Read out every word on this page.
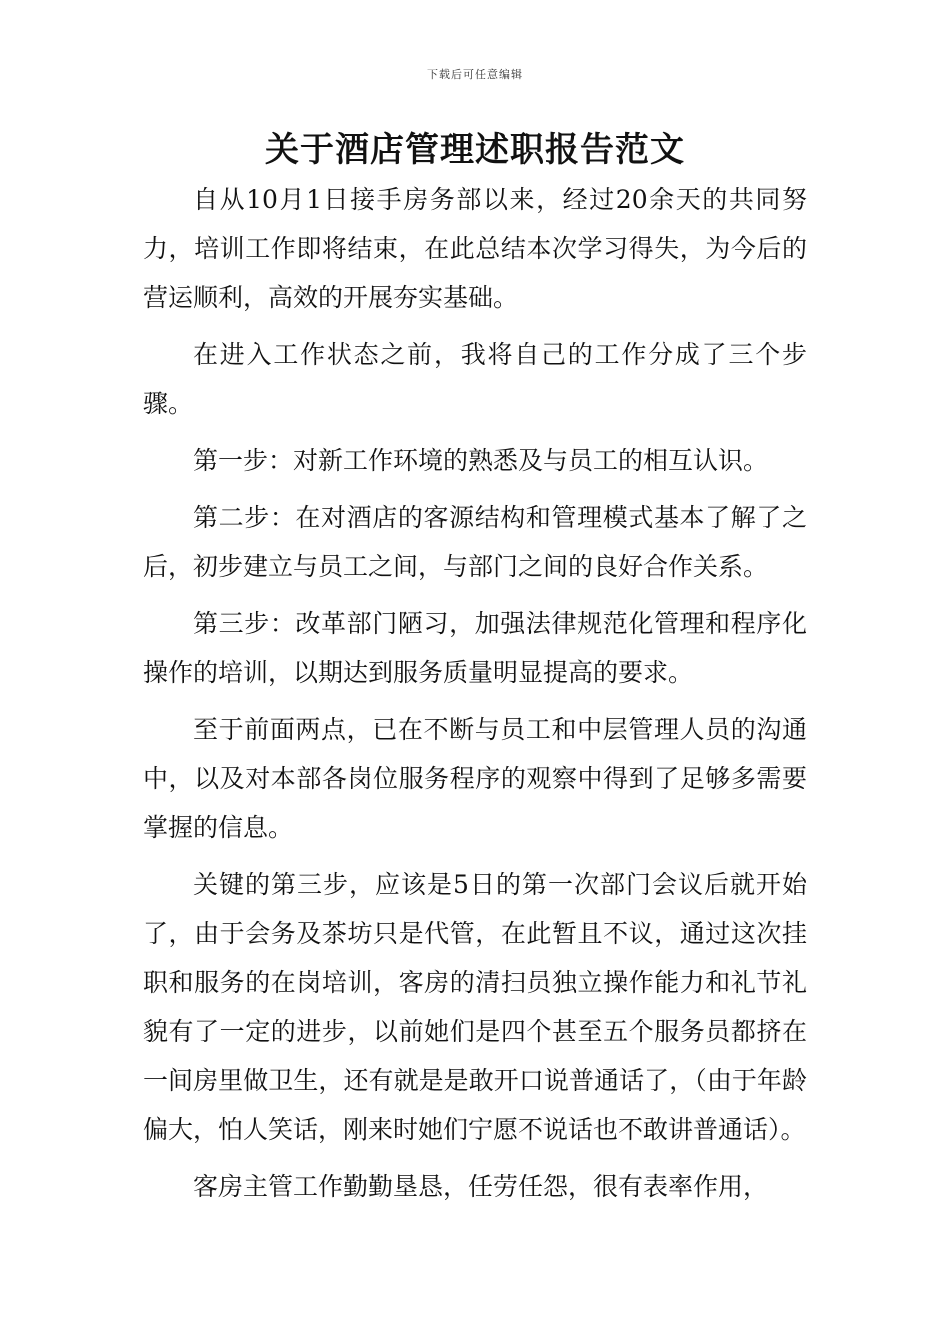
下载后可任意编辑
关于酒店管理述职报告范文

自从10月1日接手房务部以来，经过20余天的共同努力，培训工作即将结束，在此总结本次学习得失，为今后的营运顺利，高效的开展夯实基础。

在进入工作状态之前，我将自己的工作分成了三个步骤。

第一步：对新工作环境的熟悉及与员工的相互认识。

第二步：在对酒店的客源结构和管理模式基本了解了之后，初步建立与员工之间，与部门之间的良好合作关系。

第三步：改革部门陋习，加强法律规范化管理和程序化操作的培训，以期达到服务质量明显提高的要求。

至于前面两点，已在不断与员工和中层管理人员的沟通中，以及对本部各岗位服务程序的观察中得到了足够多需要掌握的信息。

关键的第三步，应该是5日的第一次部门会议后就开始了，由于会务及茶坊只是代管，在此暂且不议，通过这次挂职和服务的在岗培训，客房的清扫员独立操作能力和礼节礼貌有了一定的进步，以前她们是四个甚至五个服务员都挤在一间房里做卫生，还有就是是敢开口说普通话了，（由于年龄偏大，怕人笑话，刚来时她们宁愿不说话也不敢讲普通话）。

客房主管工作勤勤垦恳，任劳任怨，很有表率作用，
